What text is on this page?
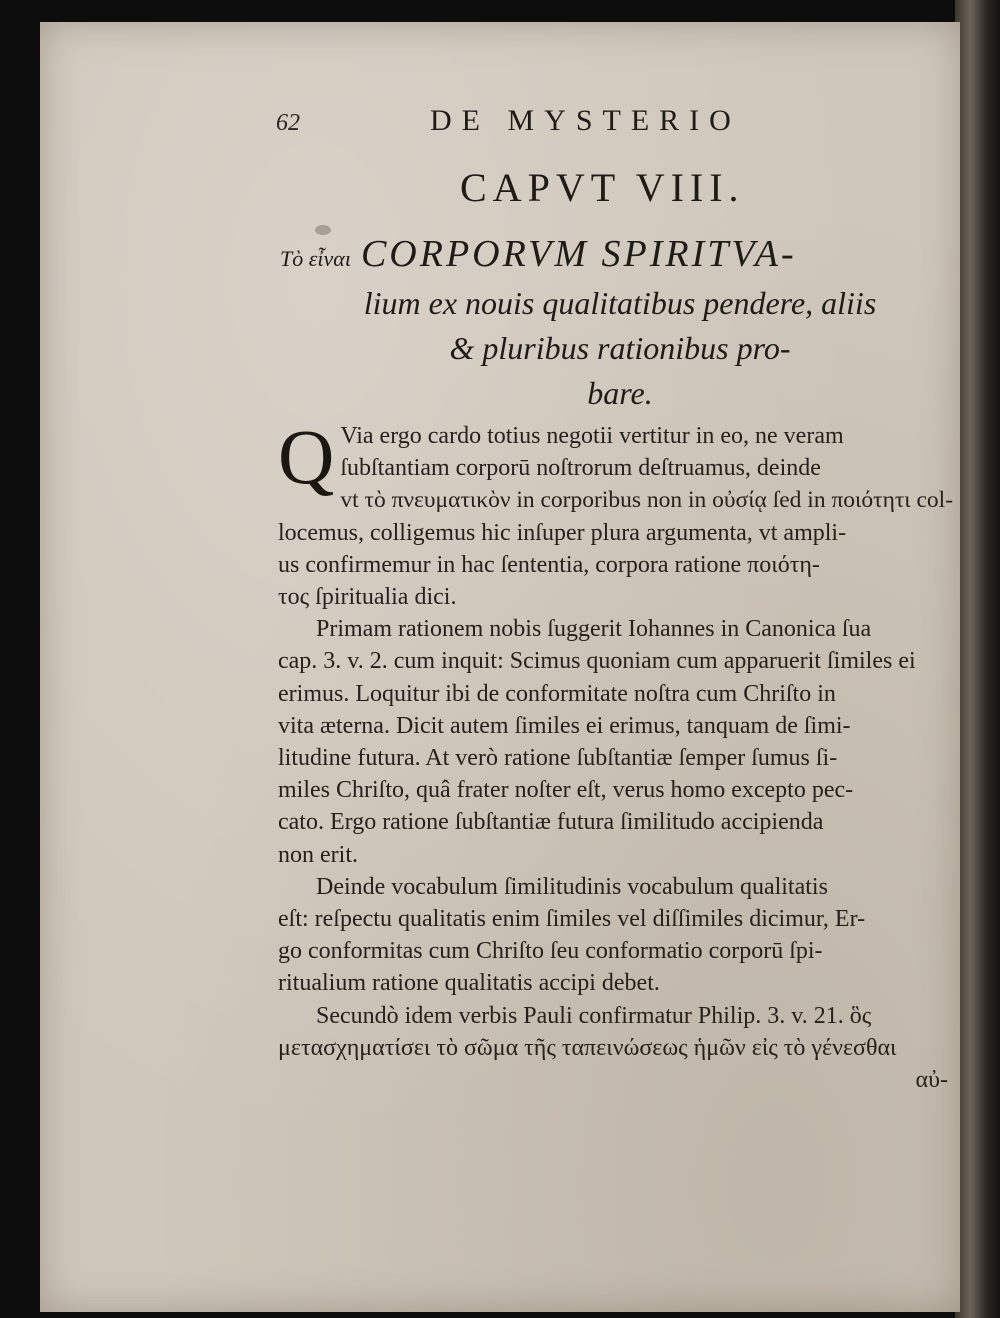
62	DE MYSTERIO
CAPVT VIII.
Τὸ εἶναι CORPORVM SPIRITVA-
lium ex nouis qualitatibus pendere, aliis
& pluribus rationibus pro-
bare.
Q Via ergo cardo totius negotii vertitur in eo, ne veram
ſubſtantiam corporū noſtrorum deſtruamus, deinde
vt τὸ πνευματικὸν in corporibus non in οὐσίᾳ ſed in ποιότητι col-
locemus, colligemus hic inſuper plura argumenta, vt ampli-
us confirmemur in hac ſententia, corpora ratione ποιότη-
τος ſpiritualia dici.
Primam rationem nobis ſuggerit Iohannes in Canonica ſua
cap. 3. v. 2. cum inquit: Scimus quoniam cum apparuerit ſimiles ei
erimus. Loquitur ibi de conformitate noſtra cum Chriſto in
vita æterna. Dicit autem ſimiles ei erimus, tanquam de ſimi-
litudine futura. At verò ratione ſubſtantiæ ſemper ſumus ſi-
miles Chriſto, quâ frater noſter eſt, verus homo excepto pec-
cato. Ergo ratione ſubſtantiæ futura ſimilitudo accipienda
non erit.
Deinde vocabulum ſimilitudinis vocabulum qualitatis
eſt: reſpectu qualitatis enim ſimiles vel diſſimiles dicimur, Er-
go conformitas cum Chriſto ſeu conformatio corporū ſpi-
ritualium ratione qualitatis accipi debet.
Secundò idem verbis Pauli confirmatur Philip. 3. v. 21. ὃς
μετασχηματίσει τὸ σῶμα τῆς ταπεινώσεως ἡμῶν εἰς τὸ γένεσθαι
αὐ-
